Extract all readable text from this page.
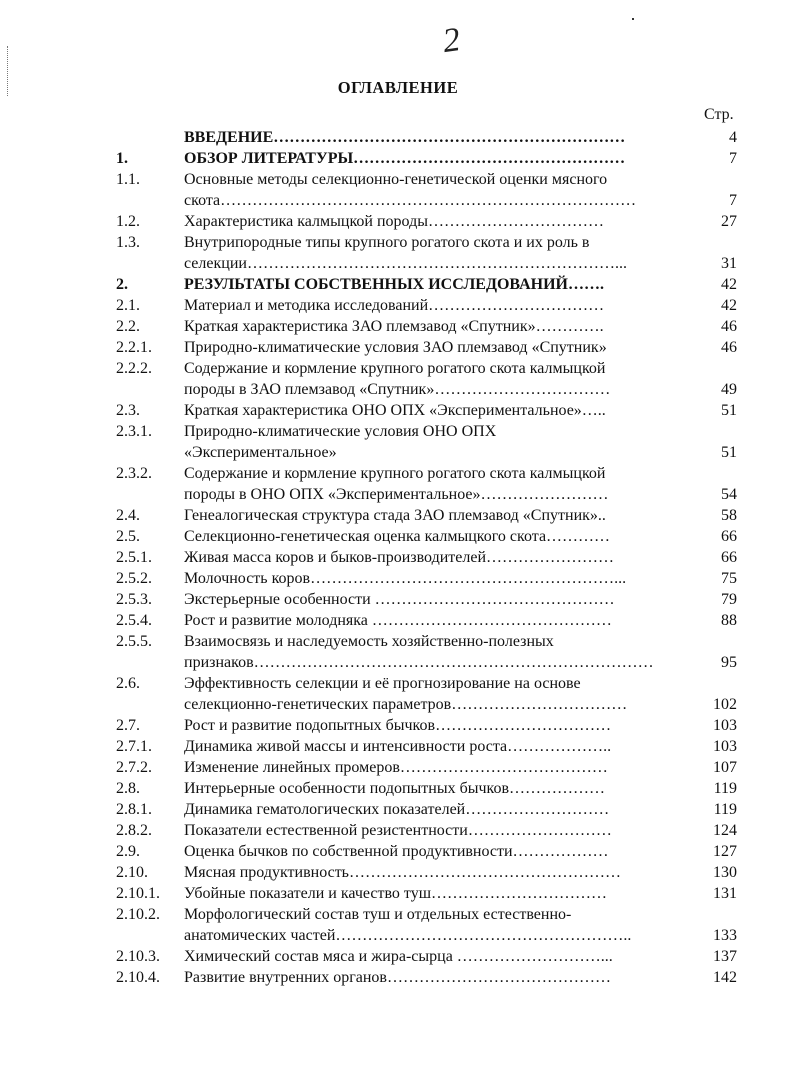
2
ОГЛАВЛЕНИЕ
Стр.
ВВЕДЕНИЕ…………………………………………………………	4
1.	ОБЗОР ЛИТЕРАТУРЫ……………………………………………	7
1.1.	Основные методы селекционно-генетической оценки мясного
скота……………………………………………………………………	7
1.2.	Характеристика калмыцкой породы……………………………	27
1.3.	Внутрипородные типы крупного рогатого скота и их роль в
селекции……………………………………………………………...	31
2.	РЕЗУЛЬТАТЫ СОБСТВЕННЫХ ИССЛЕДОВАНИЙ…….	42
2.1.	Материал и методика исследований……………………………	42
2.2.	Краткая характеристика ЗАО племзавод «Спутник»………….	46
2.2.1.	Природно-климатические условия ЗАО племзавод «Спутник»	46
2.2.2.	Содержание и кормление крупного рогатого скота калмыцкой
породы в ЗАО племзавод «Спутник»……………………………	49
2.3.	Краткая характеристика ОНО ОПХ «Экспериментальное»…..	51
2.3.1.	Природно-климатические условия ОНО ОПХ
«Экспериментальное»	51
2.3.2.	Содержание и кормление крупного рогатого скота калмыцкой
породы в ОНО ОПХ «Экспериментальное»……………………	54
2.4.	Генеалогическая структура стада ЗАО племзавод «Спутник»..	58
2.5.	Селекционно-генетическая оценка калмыцкого скота…………	66
2.5.1.	Живая масса коров и быков-производителей……………………	66
2.5.2.	Молочность коров…………………………………………………...	75
2.5.3.	Экстерьерные особенности ………………………………………	79
2.5.4.	Рост и развитие молодняка ………………………………………	88
2.5.5.	Взаимосвязь и наследуемость хозяйственно-полезных
признаков…………………………………………………………………	95
2.6.	Эффективность селекции и её прогнозирование на основе
селекционно-генетических параметров……………………………	102
2.7.	Рост и развитие подопытных бычков……………………………	103
2.7.1.	Динамика живой массы и интенсивности роста………………..	103
2.7.2.	Изменение линейных промеров…………………………………	107
2.8.	Интерьерные особенности подопытных бычков………………	119
2.8.1.	Динамика гематологических показателей………………………	119
2.8.2.	Показатели естественной резистентности………………………	124
2.9.	Оценка бычков по собственной продуктивности………………	127
2.10.	Мясная продуктивность……………………………………………	130
2.10.1.	Убойные показатели и качество туш……………………………	131
2.10.2.	Морфологический состав туш и отдельных естественно-
анатомических частей………………………………………………..	133
2.10.3.	Химический состав мяса и жира-сырца ………………………...	137
2.10.4.	Развитие внутренних органов……………………………………	142
